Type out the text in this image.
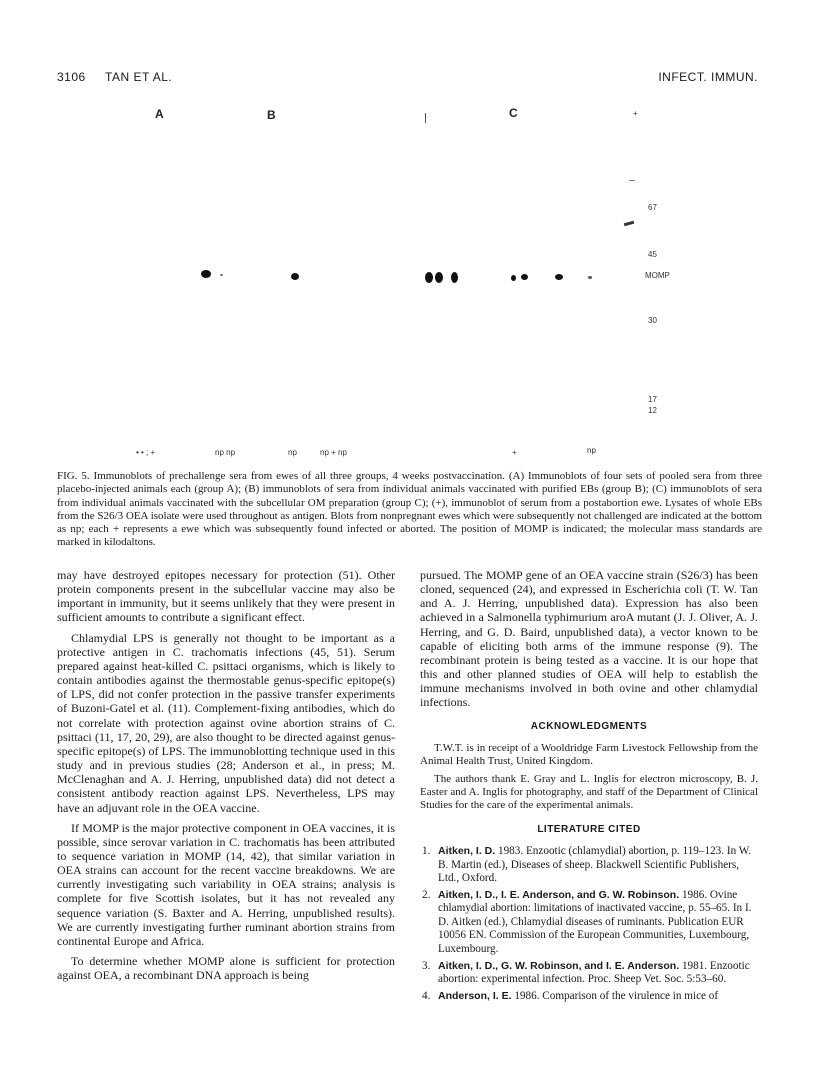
3106 TAN ET AL.	INFECT. IMMUN.
A	B	C	+
67
45
MOMP
30
17
12
• • ; +	np np	np	np + np	+	np
FIG. 5. Immunoblots of prechallenge sera from ewes of all three groups, 4 weeks postvaccination. (A) Immunoblots of four sets of pooled sera from three placebo-injected animals each (group A); (B) immunoblots of sera from individual animals vaccinated with purified EBs (group B); (C) immunoblots of sera from individual animals vaccinated with the subcellular OM preparation (group C); (+), immunoblot of serum from a postabortion ewe. Lysates of whole EBs from the S26/3 OEA isolate were used throughout as antigen. Blots from nonpregnant ewes which were subsequently not challenged are indicated at the bottom as np; each + represents a ewe which was subsequently found infected or aborted. The position of MOMP is indicated; the molecular mass standards are marked in kilodaltons.

may have destroyed epitopes necessary for protection (51). Other protein components present in the subcellular vaccine may also be important in immunity, but it seems unlikely that they were present in sufficient amounts to contribute a significant effect.

Chlamydial LPS is generally not thought to be important as a protective antigen in C. trachomatis infections (45, 51). Serum prepared against heat-killed C. psittaci organisms, which is likely to contain antibodies against the thermostable genus-specific epitope(s) of LPS, did not confer protection in the passive transfer experiments of Buzoni-Gatel et al. (11). Complement-fixing antibodies, which do not correlate with protection against ovine abortion strains of C. psittaci (11, 17, 20, 29), are also thought to be directed against genus-specific epitope(s) of LPS. The immunoblotting technique used in this study and in previous studies (28; Anderson et al., in press; M. McClenaghan and A. J. Herring, unpublished data) did not detect a consistent antibody reaction against LPS. Nevertheless, LPS may have an adjuvant role in the OEA vaccine.

If MOMP is the major protective component in OEA vaccines, it is possible, since serovar variation in C. trachomatis has been attributed to sequence variation in MOMP (14, 42), that similar variation in OEA strains can account for the recent vaccine breakdowns. We are currently investigating such variability in OEA strains; analysis is complete for five Scottish isolates, but it has not revealed any sequence variation (S. Baxter and A. Herring, unpublished results). We are currently investigating further ruminant abortion strains from continental Europe and Africa.

To determine whether MOMP alone is sufficient for protection against OEA, a recombinant DNA approach is being

pursued. The MOMP gene of an OEA vaccine strain (S26/3) has been cloned, sequenced (24), and expressed in Escherichia coli (T. W. Tan and A. J. Herring, unpublished data). Expression has also been achieved in a Salmonella typhimurium aroA mutant (J. J. Oliver, A. J. Herring, and G. D. Baird, unpublished data), a vector known to be capable of eliciting both arms of the immune response (9). The recombinant protein is being tested as a vaccine. It is our hope that this and other planned studies of OEA will help to establish the immune mechanisms involved in both ovine and other chlamydial infections.

ACKNOWLEDGMENTS

T.W.T. is in receipt of a Wooldridge Farm Livestock Fellowship from the Animal Health Trust, United Kingdom.

The authors thank E. Gray and L. Inglis for electron microscopy, B. J. Easter and A. Inglis for photography, and staff of the Department of Clinical Studies for the care of the experimental animals.

LITERATURE CITED
1. Aitken, I. D. 1983. Enzootic (chlamydial) abortion, p. 119–123. In W. B. Martin (ed.), Diseases of sheep. Blackwell Scientific Publishers, Ltd., Oxford.
2. Aitken, I. D., I. E. Anderson, and G. W. Robinson. 1986. Ovine chlamydial abortion: limitations of inactivated vaccine, p. 55–65. In I. D. Aitken (ed.), Chlamydial diseases of ruminants. Publication EUR 10056 EN. Commission of the European Communities, Luxembourg, Luxembourg.
3. Aitken, I. D., G. W. Robinson, and I. E. Anderson. 1981. Enzootic abortion: experimental infection. Proc. Sheep Vet. Soc. 5:53–60.
4. Anderson, I. E. 1986. Comparison of the virulence in mice of
